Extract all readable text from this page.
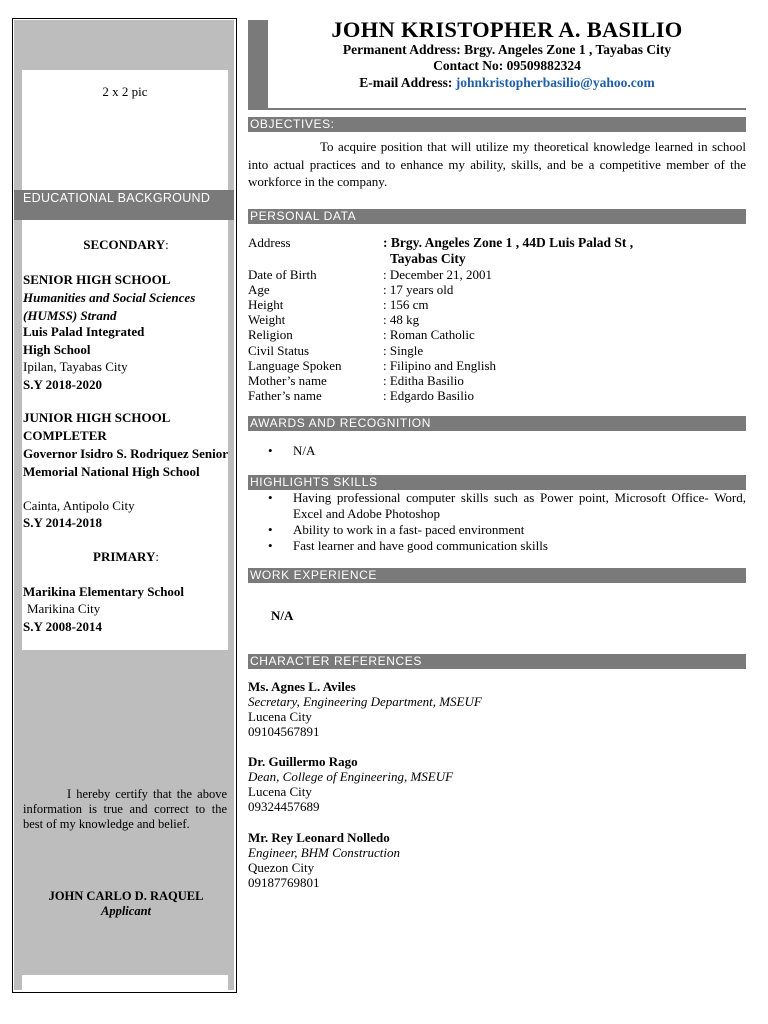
2 x 2 pic
EDUCATIONAL BACKGROUND
SECONDARY:
SENIOR HIGH SCHOOL
Humanities and Social Sciences (HUMSS) Strand
Luis Palad Integrated
High School
Ipilan, Tayabas City
S.Y 2018-2020
JUNIOR HIGH SCHOOL COMPLETER
Governor Isidro S. Rodriquez Senior Memorial National High School
Cainta, Antipolo City
S.Y 2014-2018
PRIMARY:
Marikina Elementary School
Marikina City
S.Y 2008-2014
I hereby certify that the above information is true and correct to the best of my knowledge and belief.
JOHN CARLO D. RAQUEL
Applicant
JOHN KRISTOPHER A. BASILIO
Permanent Address: Brgy. Angeles Zone 1 , Tayabas City
Contact No: 09509882324
E-mail Address: johnkristopherbasilio@yahoo.com
OBJECTIVES:
To acquire position that will utilize my theoretical knowledge learned in school into actual practices and to enhance my ability, skills, and be a competitive member of the workforce in the company.
PERSONAL DATA
Address	: Brgy. Angeles Zone 1 , 44D Luis Palad St ,
Tayabas City
Date of Birth	: December 21, 2001
Age	: 17 years old
Height	: 156 cm
Weight	: 48 kg
Religion	: Roman Catholic
Civil Status	: Single
Language Spoken	: Filipino and English
Mother’s name	: Editha Basilio
Father’s name	: Edgardo Basilio
AWARDS AND RECOGNITION
• N/A
HIGHLIGHTS SKILLS
• Having professional computer skills such as Power point, Microsoft Office- Word, Excel and Adobe Photoshop
• Ability to work in a fast- paced environment
• Fast learner and have good communication skills
WORK EXPERIENCE
N/A
CHARACTER REFERENCES
Ms. Agnes L. Aviles
Secretary, Engineering Department, MSEUF
Lucena City
09104567891
Dr. Guillermo Rago
Dean, College of Engineering, MSEUF
Lucena City
09324457689
Mr. Rey Leonard Nolledo
Engineer, BHM Construction
Quezon City
09187769801
